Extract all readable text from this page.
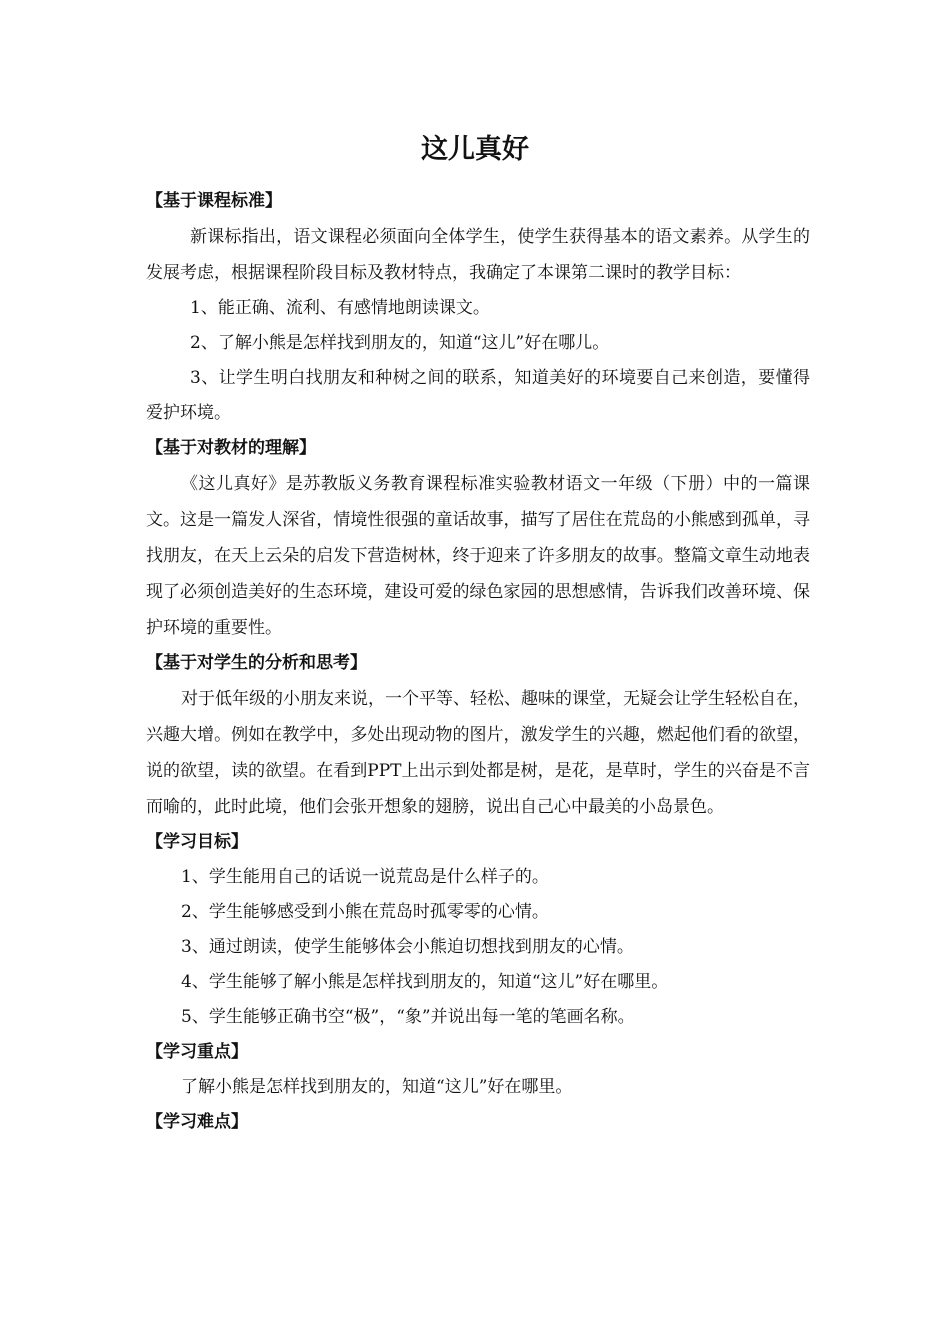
这儿真好

【基于课程标准】

新课标指出，语文课程必须面向全体学生，使学生获得基本的语文素养。从学生的发展考虑，根据课程阶段目标及教材特点，我确定了本课第二课时的教学目标：

1、能正确、流利、有感情地朗读课文。

2、了解小熊是怎样找到朋友的，知道“这儿”好在哪儿。

3、让学生明白找朋友和种树之间的联系，知道美好的环境要自己来创造，要懂得爱护环境。

【基于对教材的理解】

《这儿真好》是苏教版义务教育课程标准实验教材语文一年级（下册）中的一篇课文。这是一篇发人深省，情境性很强的童话故事，描写了居住在荒岛的小熊感到孤单，寻找朋友，在天上云朵的启发下营造树林，终于迎来了许多朋友的故事。整篇文章生动地表现了必须创造美好的生态环境，建设可爱的绿色家园的思想感情，告诉我们改善环境、保护环境的重要性。

【基于对学生的分析和思考】

对于低年级的小朋友来说，一个平等、轻松、趣味的课堂，无疑会让学生轻松自在，兴趣大增。例如在教学中，多处出现动物的图片，激发学生的兴趣，燃起他们看的欲望，说的欲望，读的欲望。在看到PPT上出示到处都是树，是花，是草时，学生的兴奋是不言而喻的，此时此境，他们会张开想象的翅膀，说出自己心中最美的小岛景色。

【学习目标】

1、学生能用自己的话说一说荒岛是什么样子的。

2、学生能够感受到小熊在荒岛时孤零零的心情。

3、通过朗读，使学生能够体会小熊迫切想找到朋友的心情。

4、学生能够了解小熊是怎样找到朋友的，知道“这儿”好在哪里。

5、学生能够正确书空“极”，“象”并说出每一笔的笔画名称。

【学习重点】

了解小熊是怎样找到朋友的，知道“这儿”好在哪里。

【学习难点】
